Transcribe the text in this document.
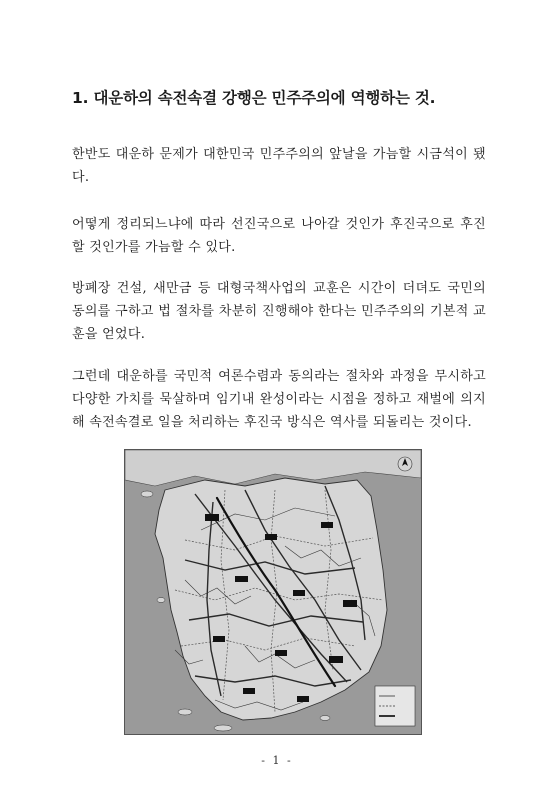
1. 대운하의 속전속결 강행은 민주주의에 역행하는 것.

한반도 대운하 문제가 대한민국 민주주의의 앞날을 가늠할 시금석이 됐다.

어떻게 정리되느냐에 따라 선진국으로 나아갈 것인가 후진국으로 후진할 것인가를 가늠할 수 있다.

방폐장 건설, 새만금 등 대형국책사업의 교훈은 시간이 더뎌도 국민의 동의를 구하고 법 절차를 차분히 진행해야 한다는 민주주의의 기본적 교훈을 얻었다.

그런데 대운하를 국민적 여론수렴과 동의라는 절차와 과정을 무시하고 다양한 가치를 묵살하며 임기내 완성이라는 시점을 정하고 재벌에 의지해 속전속결로 일을 처리하는 후진국 방식은 역사를 되돌리는 것이다.

- 1 -
